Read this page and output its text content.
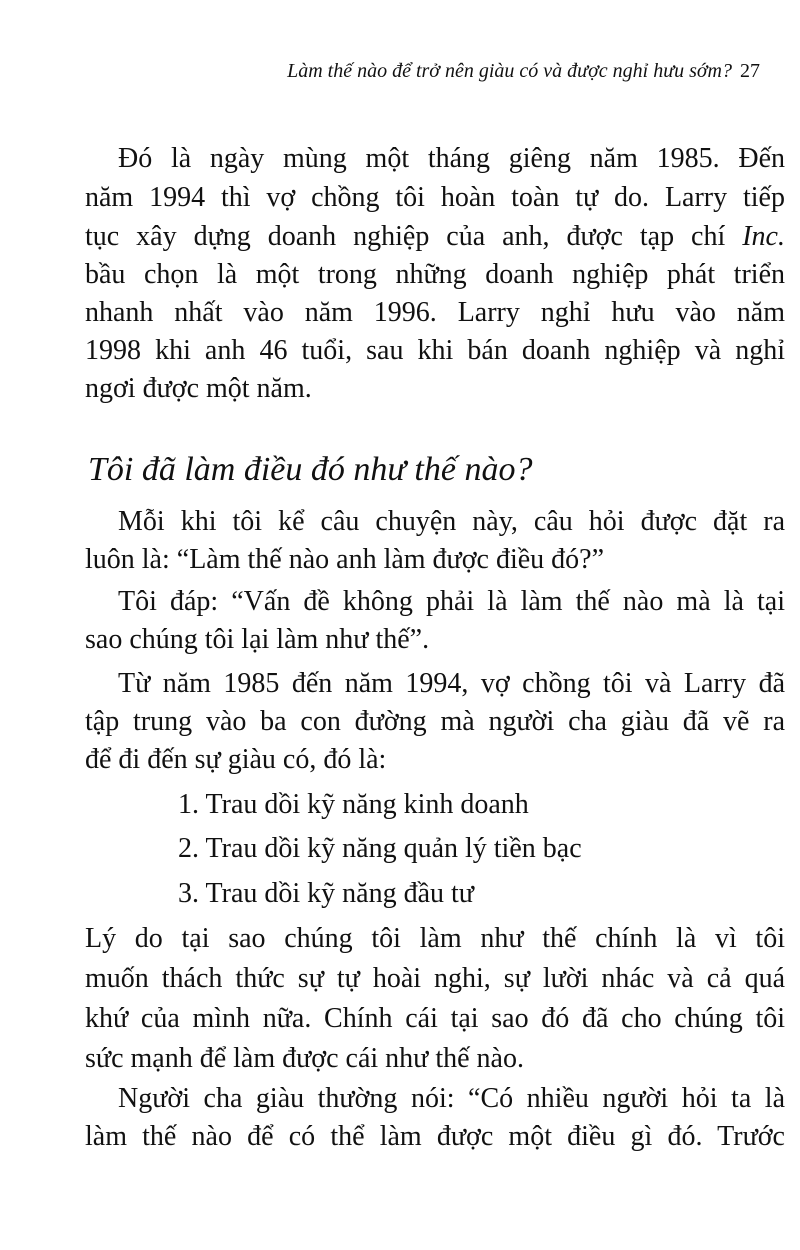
Làm thế nào để trở nên giàu có và được nghỉ hưu sớm? 27
Tôi đã làm điều đó như thế nào?
Đó là ngày mùng một tháng giêng năm 1985. Đến
năm 1994 thì vợ chồng tôi hoàn toàn tự do. Larry tiếp
tục xây dựng doanh nghiệp của anh, được tạp chí Inc.
bầu chọn là một trong những doanh nghiệp phát triển
nhanh nhất vào năm 1996. Larry nghỉ hưu vào năm
1998 khi anh 46 tuổi, sau khi bán doanh nghiệp và nghỉ
ngơi được một năm.
Mỗi khi tôi kể câu chuyện này, câu hỏi được đặt ra
luôn là: “Làm thế nào anh làm được điều đó?”
Tôi đáp: “Vấn đề không phải là làm thế nào mà là tại
sao chúng tôi lại làm như thế”.
Từ năm 1985 đến năm 1994, vợ chồng tôi và Larry đã
tập trung vào ba con đường mà người cha giàu đã vẽ ra
để đi đến sự giàu có, đó là:
1. Trau dồi kỹ năng kinh doanh
2. Trau dồi kỹ năng quản lý tiền bạc
3. Trau dồi kỹ năng đầu tư
Lý do tại sao chúng tôi làm như thế chính là vì tôi
muốn thách thức sự tự hoài nghi, sự lười nhác và cả quá
khứ của mình nữa. Chính cái tại sao đó đã cho chúng tôi
sức mạnh để làm được cái như thế nào.
Người cha giàu thường nói: “Có nhiều người hỏi ta là
làm thế nào để có thể làm được một điều gì đó. Trước
